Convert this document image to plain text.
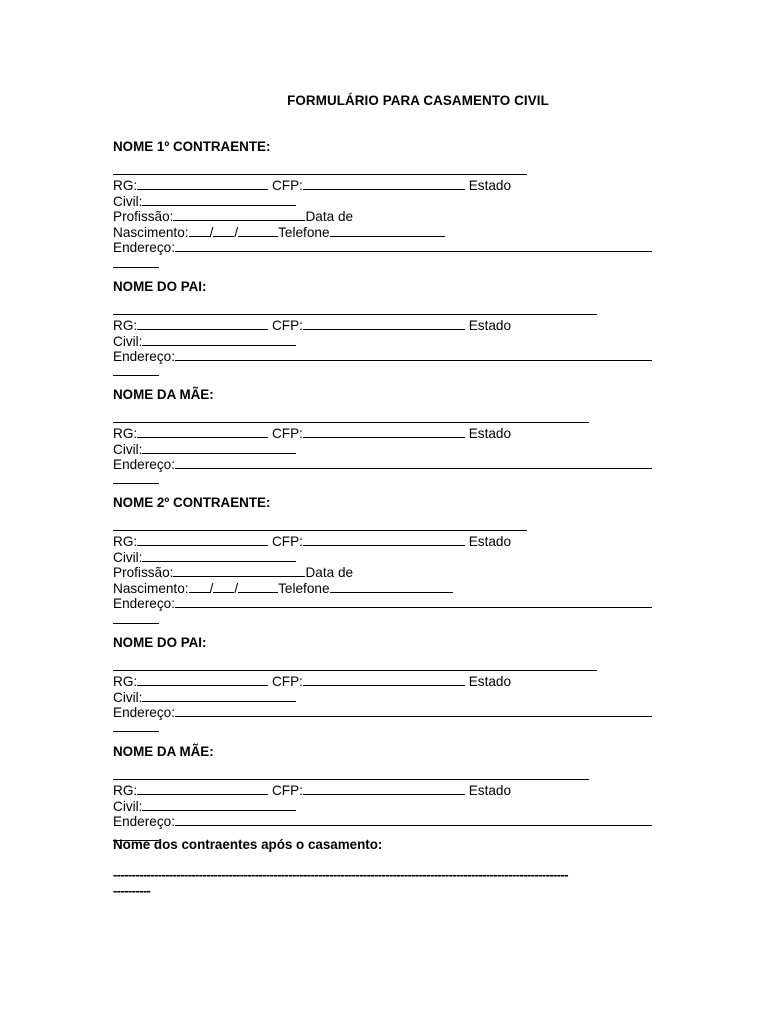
FORMULÁRIO PARA CASAMENTO CIVIL
NOME 1º CONTRAENTE:
RG:	CFP:	Estado
Civil:
Profissão:	Data de
Nascimento: / /	Telefone
Endereço:
NOME DO PAI:
RG:	CFP:	Estado
Civil:
Endereço:
NOME DA MÃE:
RG:	CFP:	Estado
Civil:
Endereço:
NOME 2º CONTRAENTE:
RG:	CFP:	Estado
Civil:
Profissão:	Data de
Nascimento: / /	Telefone
Endereço:
NOME DO PAI:
RG:	CFP:	Estado
Civil:
Endereço:
NOME DA MÃE:
RG:	CFP:	Estado
Civil:
Endereço:
Nome dos contraentes após o casamento:
--------------------------------------------------------------------------------------------------------------------------
----------
